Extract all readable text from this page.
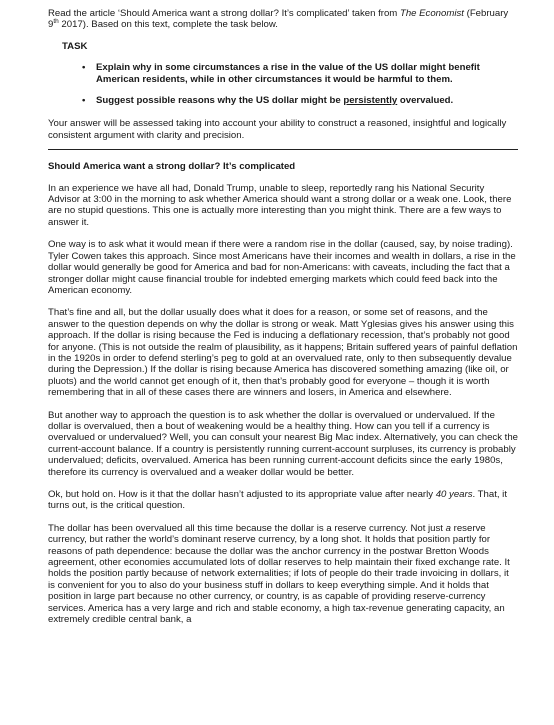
Read the article ‘Should America want a strong dollar? It’s complicated’ taken from The Economist (February 9th 2017). Based on this text, complete the task below.

TASK

• Explain why in some circumstances a rise in the value of the US dollar might benefit American residents, while in other circumstances it would be harmful to them.
• Suggest possible reasons why the US dollar might be persistently overvalued.

Your answer will be assessed taking into account your ability to construct a reasoned, insightful and logically consistent argument with clarity and precision.

Should America want a strong dollar? It’s complicated

In an experience we have all had, Donald Trump, unable to sleep, reportedly rang his National Security Advisor at 3:00 in the morning to ask whether America should want a strong dollar or a weak one. Look, there are no stupid questions. This one is actually more interesting than you might think. There are a few ways to answer it.

One way is to ask what it would mean if there were a random rise in the dollar (caused, say, by noise trading). Tyler Cowen takes this approach. Since most Americans have their incomes and wealth in dollars, a rise in the dollar would generally be good for America and bad for non-Americans: with caveats, including the fact that a stronger dollar might cause financial trouble for indebted emerging markets which could feed back into the American economy.

That’s fine and all, but the dollar usually does what it does for a reason, or some set of reasons, and the answer to the question depends on why the dollar is strong or weak. Matt Yglesias gives his answer using this approach. If the dollar is rising because the Fed is inducing a deflationary recession, that’s probably not good for anyone. (This is not outside the realm of plausibility, as it happens; Britain suffered years of painful deflation in the 1920s in order to defend sterling’s peg to gold at an overvalued rate, only to then subsequently devalue during the Depression.) If the dollar is rising because America has discovered something amazing (like oil, or pluots) and the world cannot get enough of it, then that’s probably good for everyone – though it is worth remembering that in all of these cases there are winners and losers, in America and elsewhere.

But another way to approach the question is to ask whether the dollar is overvalued or undervalued. If the dollar is overvalued, then a bout of weakening would be a healthy thing. How can you tell if a currency is overvalued or undervalued? Well, you can consult your nearest Big Mac index. Alternatively, you can check the current-account balance. If a country is persistently running current-account surpluses, its currency is probably undervalued; deficits, overvalued. America has been running current-account deficits since the early 1980s, therefore its currency is overvalued and a weaker dollar would be better.

Ok, but hold on. How is it that the dollar hasn’t adjusted to its appropriate value after nearly 40 years. That, it turns out, is the critical question.

The dollar has been overvalued all this time because the dollar is a reserve currency. Not just a reserve currency, but rather the world’s dominant reserve currency, by a long shot. It holds that position partly for reasons of path dependence: because the dollar was the anchor currency in the postwar Bretton Woods agreement, other economies accumulated lots of dollar reserves to help maintain their fixed exchange rate. It holds the position partly because of network externalities; if lots of people do their trade invoicing in dollars, it is convenient for you to also do your business stuff in dollars to keep everything simple. And it holds that position in large part because no other currency, or country, is as capable of providing reserve-currency services. America has a very large and rich and stable economy, a high tax-revenue generating capacity, an extremely credible central bank, a
